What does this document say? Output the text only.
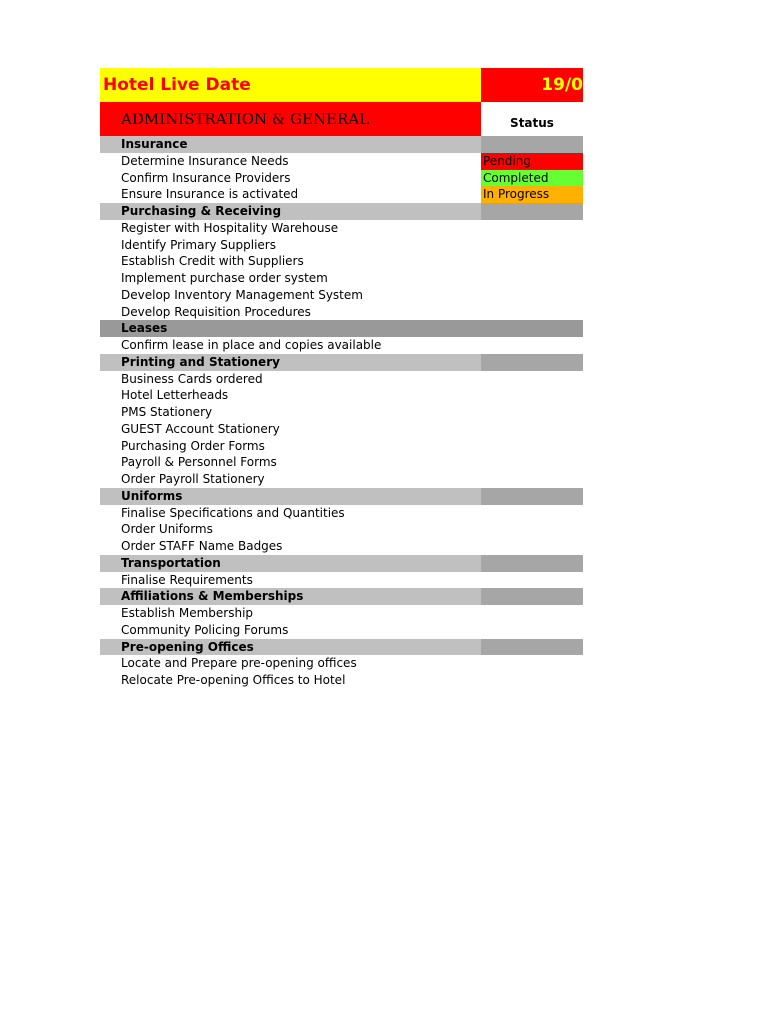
Hotel Live Date	19/0
ADMINISTRATION & GENERAL	Status
Insurance
Determine Insurance Needs	Pending
Confirm Insurance Providers	Completed
Ensure Insurance is activated	In Progress
Purchasing & Receiving
Register with Hospitality Warehouse
Identify Primary Suppliers
Establish Credit with Suppliers
Implement purchase order system
Develop Inventory Management System
Develop Requisition Procedures
Leases
Confirm lease in place and copies available
Printing and Stationery
Business Cards ordered
Hotel Letterheads
PMS Stationery
GUEST Account Stationery
Purchasing Order Forms
Payroll & Personnel Forms
Order Payroll Stationery
Uniforms
Finalise Specifications and Quantities
Order Uniforms
Order STAFF Name Badges
Transportation
Finalise Requirements
Affiliations & Memberships
Establish Membership
Community Policing Forums
Pre-opening Offices
Locate and Prepare pre-opening offices
Relocate Pre-opening Offices to Hotel
